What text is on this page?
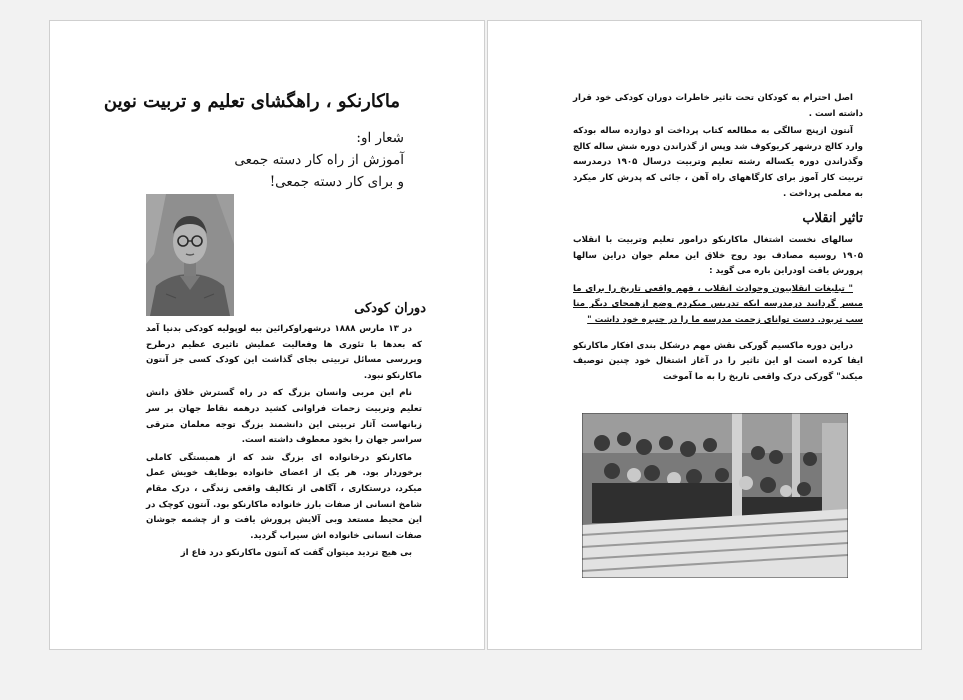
ماکارنکو ، راهگشای تعلیم و تربیت نوین
شعار او:
آموزش از راه کار دسته جمعی
و برای کار دسته جمعی!
دوران کودکی

در ۱۳ مارس ۱۸۸۸ درشهراوکرائین بیه لوپولیه کودکی بدنیا آمد که بعدها با تئوری ها وفعالیت عملیش تاثیری عظیم درطرح وبررسی مسائل تربیتی بجای گذاشت این کودک کسی جز آنتون ماکارنکو نبود.

نام این مربی وانسان بزرگ که در راه گسترش خلاق دانش تعلیم وتربیت زحمات فراوانی کشید درهمه نقاط جهان بر سر زبانهاست آثار تربیتی این دانشمند بزرگ توجه معلمان مترقی سراسر جهان را بخود معطوف داشته است.

ماکارنکو درخانواده ای بزرگ شد که از همبستگی کاملی برخوردار بود. هر یک از اعضای خانواده بوظایف خویش عمل میکرد، درستکاری ، آگاهی از تکالیف واقعی زندگی ، درک مقام شامخ انسانی از صفات بارز خانواده ماکارنکو بود. آنتون کوچک در این محیط مستعد وبی آلایش پرورش یافت و از چشمه جوشان صفات انسانی خانواده اش سیراب گردید.

بی هیچ تردید میتوان گفت که آنتون ماکارنکو درد فاع از

اصل احترام به کودکان تحت تاثیر خاطرات دوران کودکی خود قرار داشته است .

آنتون ازپنج سالگی به مطالعه کتاب پرداخت او دوازده ساله بودکه وارد کالج درشهر کریوکوف شد وپس از گذراندن دوره شش ساله کالج وگذراندن دوره یکساله رشته تعلیم وتربیت درسال ۱۹۰۵ درمدرسه تربیت کار آموز برای کارگاههای راه آهن ، جائی که پدرش کار میکرد به معلمی پرداخت .

تاثیر انقلاب

سالهای نخست اشتغال ماکارنکو درامور تعلیم وتربیت با انقلاب ۱۹۰۵ روسیه مصادف بود روح خلاق این معلم جوان دراین سالها پرورش یافت اودراین باره می گوید :

" تبلیغات انقلابیون وحوادث انقلاب ، فهم واقعی تاریخ را برای ما میسر گردانید درمدرسه ایکه تدریس میکردم وضع ازهمجای دیگر منا سب تربود. دست توانای زحمت مدرسه ما را در چنبره خود داشت "

دراین دوره ماکسیم گورکی نقش مهم درشکل بندی افکار ماکارنکو ایفا کرده است او این تاثیر را در آغاز اشتغال خود چنین توصیف میکند" گورکی درک واقعی تاریخ را به ما آموخت
